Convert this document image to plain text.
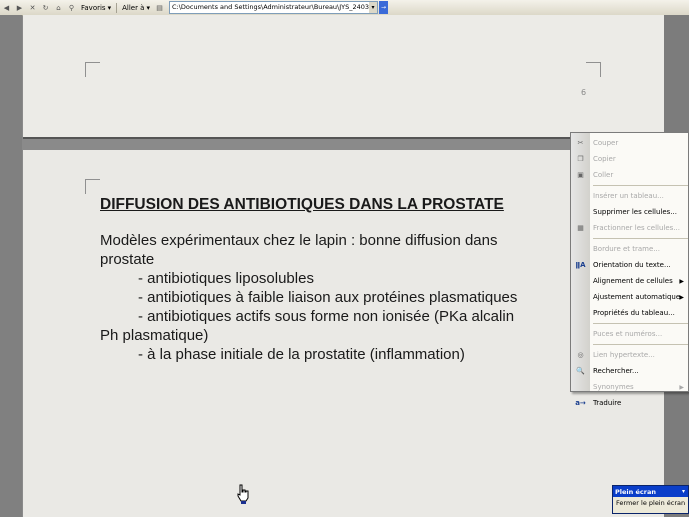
◀ ▶ ✕ ↻	⌂	⚲ Favoris ▾ Aller à ▾ ▤	C:\Documents and Settings\Administrateur\Bureau\JYS_2403 ▾	→
6
DIFFUSION DES ANTIBIOTIQUES DANS LA PROSTATE
Modèles expérimentaux chez le lapin : bonne diffusion dans
prostate
- antibiotiques liposolubles
- antibiotiques à faible liaison aux protéines plasmatiques
- antibiotiques actifs sous forme non ionisée (PKa alcalin
Ph plasmatique)
- à la phase initiale de la prostatite (inflammation)
✂	Couper
❐	Copier
▣	Coller
Insérer un tableau...
Supprimer les cellules...
▦	Fractionner les cellules...
Bordure et trame...
ǁA	Orientation du texte...
Alignement de cellules ▶
Ajustement automatique ▶
Propriétés du tableau...
Puces et numéros...
◎	Lien hypertexte...
🔍	Rechercher...
Synonymes	▶
a→	Traduire
Plein écran	▾
Fermer le plein écran
